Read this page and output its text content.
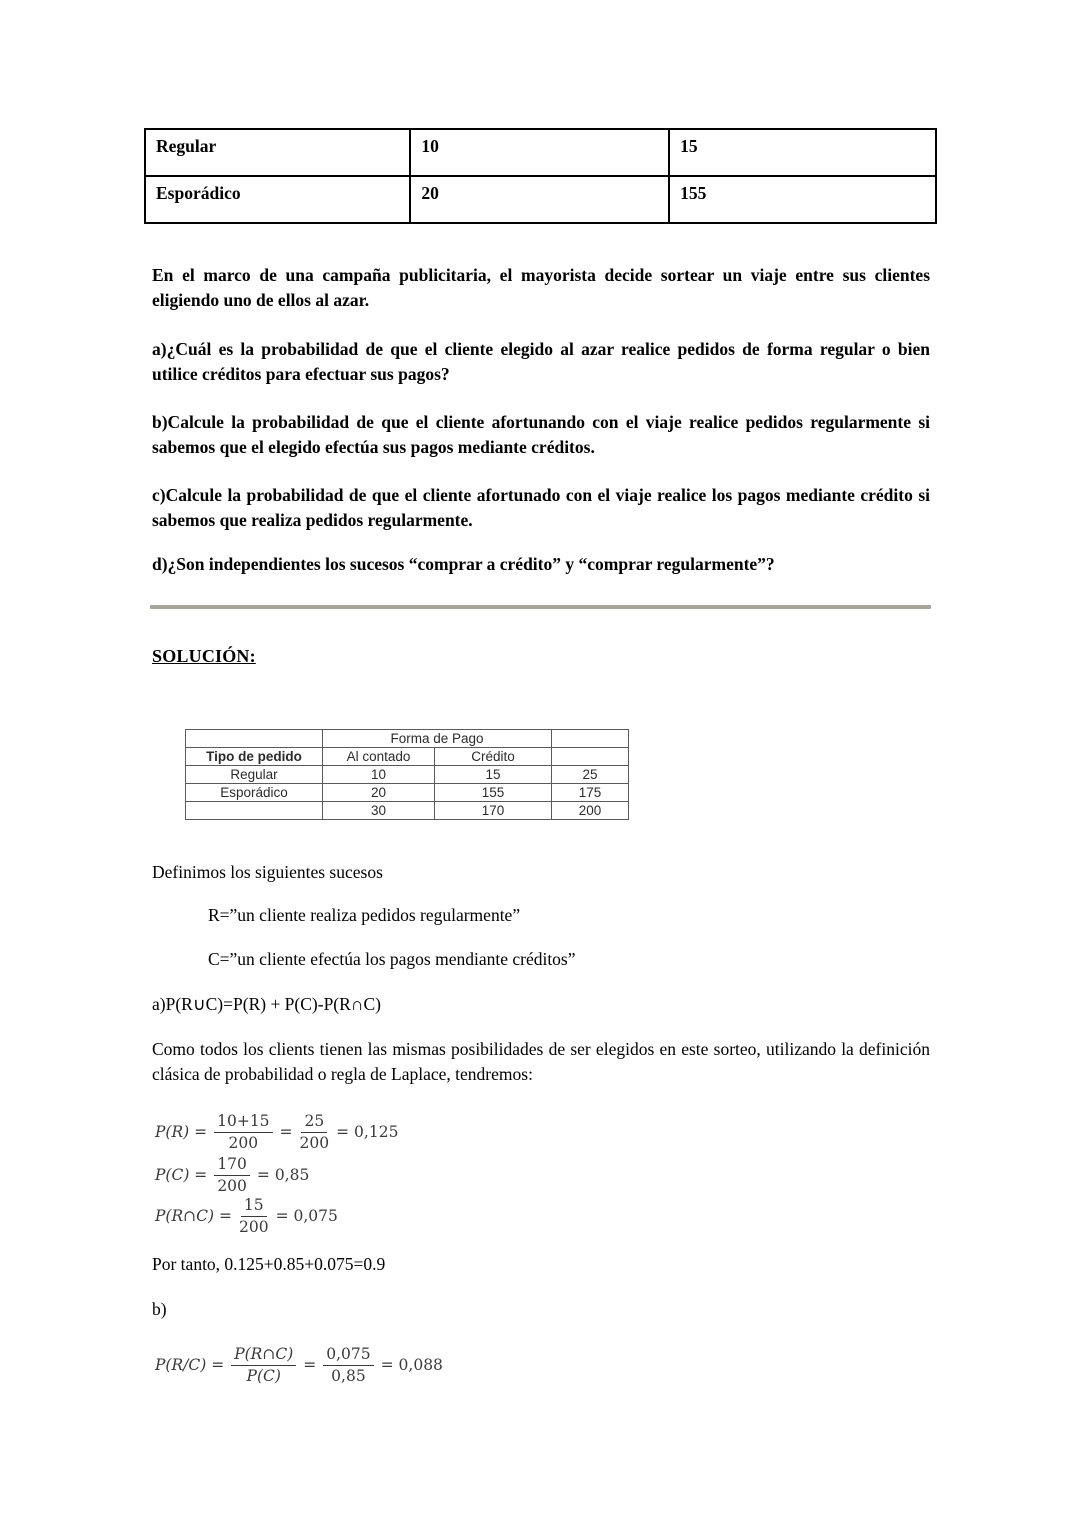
Regular	10	15
Esporádico	20	155
En el marco de una campaña publicitaria, el mayorista decide sortear un viaje entre sus clientes eligiendo uno de ellos al azar.
a)¿Cuál es la probabilidad de que el cliente elegido al azar realice pedidos de forma regular o bien utilice créditos para efectuar sus pagos?
b)Calcule la probabilidad de que el cliente afortunando con el viaje realice pedidos regularmente si sabemos que el elegido efectúa sus pagos mediante créditos.
c)Calcule la probabilidad de que el cliente afortunado con el viaje realice los pagos mediante crédito si sabemos que realiza pedidos regularmente.
d)¿Son independientes los sucesos “comprar a crédito” y “comprar regularmente”?
SOLUCIÓN:
	Forma de Pago		
Tipo de pedido	Al contado	Crédito	
Regular	10	15	25
Esporádico	20	155	175
	30	170	200
Definimos los siguientes sucesos
R=”un cliente realiza pedidos regularmente”
C=”un cliente efectúa los pagos mendiante créditos”
a)P(R∪C)=P(R) + P(C)-P(R∩C)
Como todos los clients tienen las mismas posibilidades de ser elegidos en este sorteo, utilizando la definición clásica de probabilidad o regla de Laplace, tendremos:
$P(R) = \frac{10+15}{200} = \frac{25}{200} = 0,125$
$P(C) = \frac{170}{200} = 0,85$
P(R∩C) = $\frac{15}{200} = 0,075$
Por tanto, 0.125+0.85+0.075=0.9
b)
$P(R/C) = \frac{P(R\cap C)}{P(C)} = \frac{0,075}{0,85} = 0,088$
